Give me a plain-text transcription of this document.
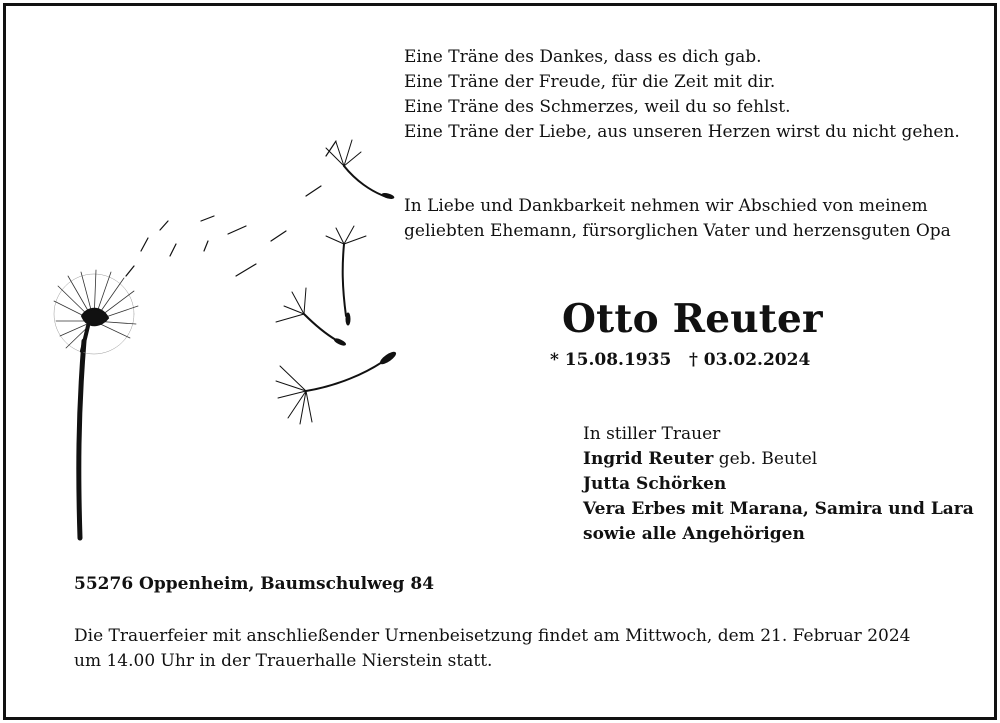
Eine Träne des Dankes, dass es dich gab.
Eine Träne der Freude, für die Zeit mit dir.
Eine Träne des Schmerzes, weil du so fehlst.
Eine Träne der Liebe, aus unseren Herzen wirst du nicht gehen.
In Liebe und Dankbarkeit nehmen wir Abschied von meinem
geliebten Ehemann, fürsorglichen Vater und herzensguten Opa
Otto Reuter
* 15.08.1935 † 03.02.2024
In stiller Trauer
Ingrid Reuter geb. Beutel
Jutta Schörken
Vera Erbes mit Marana, Samira und Lara
sowie alle Angehörigen
55276 Oppenheim, Baumschulweg 84
Die Trauerfeier mit anschließender Urnenbeisetzung findet am Mittwoch, dem 21. Februar 2024
um 14.00 Uhr in der Trauerhalle Nierstein statt.
